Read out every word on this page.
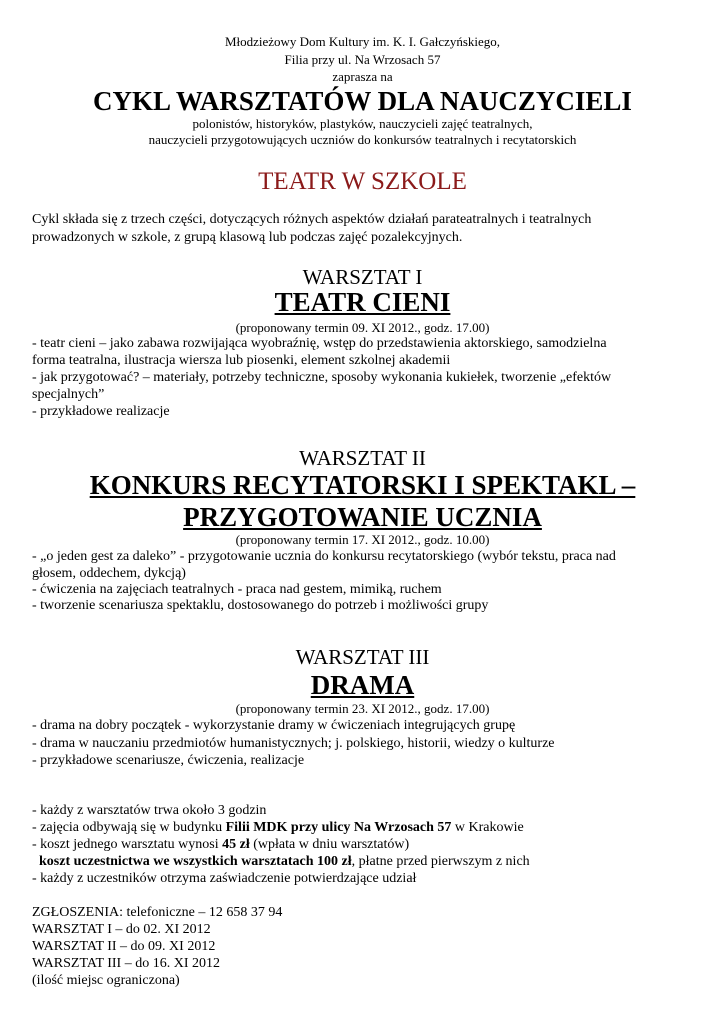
Młodzieżowy Dom Kultury im. K. I. Gałczyńskiego,

Filia przy ul. Na Wrzosach 57

zaprasza na

CYKL WARSZTATÓW DLA NAUCZYCIELI

polonistów, historyków, plastyków, nauczycieli zajęć teatralnych,

nauczycieli przygotowujących uczniów do konkursów teatralnych i recytatorskich

TEATR W SZKOLE

Cykl składa się z trzech części, dotyczących różnych aspektów działań parateatralnych i teatralnych

prowadzonych w szkole, z grupą klasową lub podczas zajęć pozalekcyjnych.

WARSZTAT I

TEATR CIENI

(proponowany termin 09. XI 2012., godz. 17.00)

- teatr cieni – jako zabawa rozwijająca wyobraźnię, wstęp do przedstawienia aktorskiego, samodzielna

forma teatralna, ilustracja wiersza lub piosenki, element szkolnej akademii

- jak przygotować? – materiały, potrzeby techniczne, sposoby wykonania kukiełek, tworzenie „efektów

specjalnych”

- przykładowe realizacje

WARSZTAT II

KONKURS RECYTATORSKI I SPEKTAKL –

PRZYGOTOWANIE UCZNIA

(proponowany termin 17. XI 2012., godz. 10.00)

- „o jeden gest za daleko” - przygotowanie ucznia do konkursu recytatorskiego (wybór tekstu, praca nad

głosem, oddechem, dykcją)

- ćwiczenia na zajęciach teatralnych - praca nad gestem, mimiką, ruchem

- tworzenie scenariusza spektaklu, dostosowanego do potrzeb i możliwości grupy

WARSZTAT III

DRAMA

(proponowany termin 23. XI 2012., godz. 17.00)

- drama na dobry początek - wykorzystanie dramy w ćwiczeniach integrujących grupę

- drama w nauczaniu przedmiotów humanistycznych; j. polskiego, historii, wiedzy o kulturze

- przykładowe scenariusze, ćwiczenia, realizacje

- każdy z warsztatów trwa około 3 godzin

- zajęcia odbywają się w budynku Filii MDK przy ulicy Na Wrzosach 57 w Krakowie

- koszt jednego warsztatu wynosi 45 zł (wpłata w dniu warsztatów)

koszt uczestnictwa we wszystkich warsztatach 100 zł, płatne przed pierwszym z nich

- każdy z uczestników otrzyma zaświadczenie potwierdzające udział

ZGŁOSZENIA: telefoniczne – 12 658 37 94

WARSZTAT I – do 02. XI 2012

WARSZTAT II – do 09. XI 2012

WARSZTAT III – do 16. XI 2012

(ilość miejsc ograniczona)
